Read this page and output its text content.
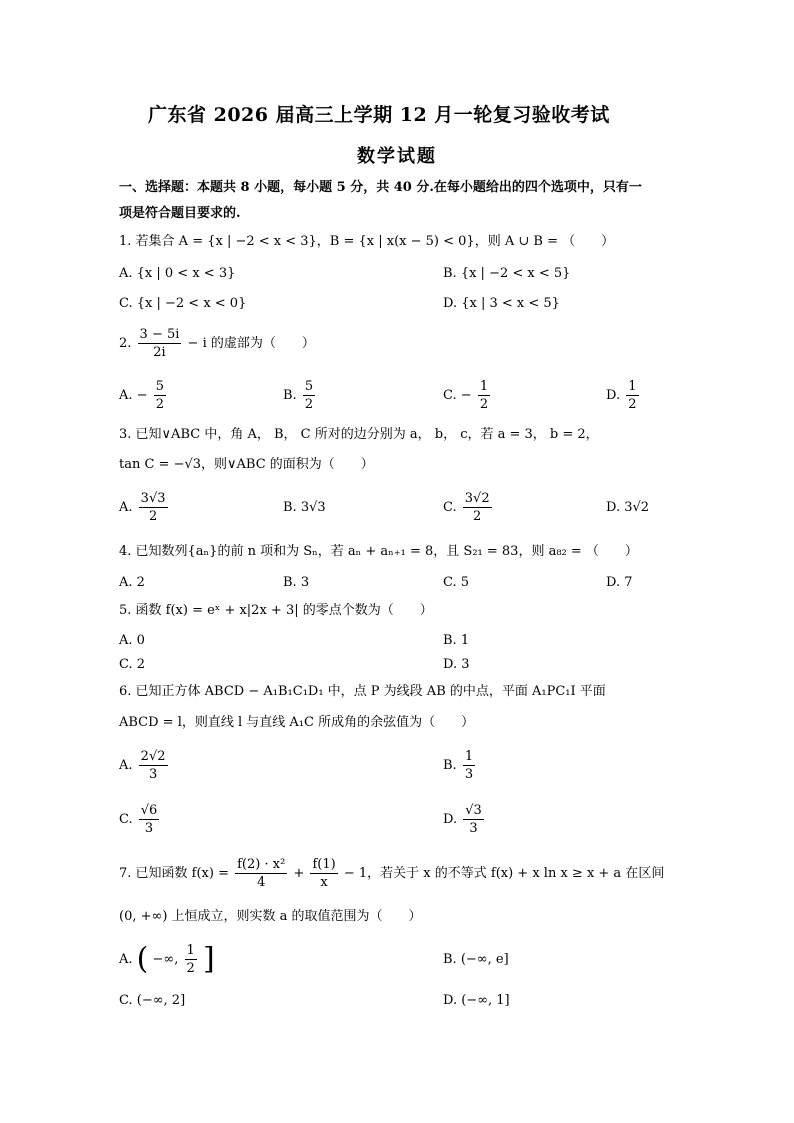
广东省 2026 届高三上学期 12 月一轮复习验收考试
数学试题
一、选择题：本题共 8 小题，每小题 5 分，共 40 分.在每小题给出的四个选项中，只有一
项是符合题目要求的.
1. 若集合 A = {x | −2 < x < 3}，B = {x | x(x − 5) < 0}，则 A ∪ B = （　　）
A. {x | 0 < x < 3}	B. {x | −2 < x < 5}
C. {x | −2 < x < 0}	D. {x | 3 < x < 5}
2. $\frac{3 - 5i}{2i} - i$ 的虚部为（　　）
A. − $\frac{5}{2}$	B. $\frac{5}{2}$	C. − $\frac{1}{2}$	D. $\frac{1}{2}$
3. 已知∨ABC 中，角 A， B， C 所对的边分别为 a， b， c，若 a = 3， b = 2，
tan C = −√3，则∨ABC 的面积为（　　）
A. $\frac{3√3}{2}$	B. 3√3	C. $\frac{3√2}{2}$	D. 3√2
4. 已知数列{aₙ}的前 n 项和为 Sₙ，若 aₙ + aₙ₊₁ = 8，且 S₂₁ = 83，则 a₈₂ = （　　）
A. 2	B. 3	C. 5	D. 7
5. 函数 f(x) = eˣ + x|2x + 3| 的零点个数为（　　）
A. 0	B. 1
C. 2	D. 3
6. 已知正方体 ABCD − A₁B₁C₁D₁ 中，点 P 为线段 AB 的中点，平面 A₁PC₁I 平面
ABCD = l，则直线 l 与直线 A₁C 所成角的余弦值为（　　）
A. $\frac{2√2}{3}$	B. $\frac{1}{3}$
C. $\frac{√6}{3}$	D. $\frac{√3}{3}$
7. 已知函数 $f(x) = \frac{\text{f(2) · x²}}{4} + \frac{f(1)}{x} - 1$，若关于 x 的不等式 f(x) + x ln x ≥ x + a 在区间
(0, +∞) 上恒成立，则实数 a 的取值范围为（　　）
A. ( −∞, $\frac{1}{2}$ ]	B. (−∞, e]
C. (−∞, 2]	D. (−∞, 1]
